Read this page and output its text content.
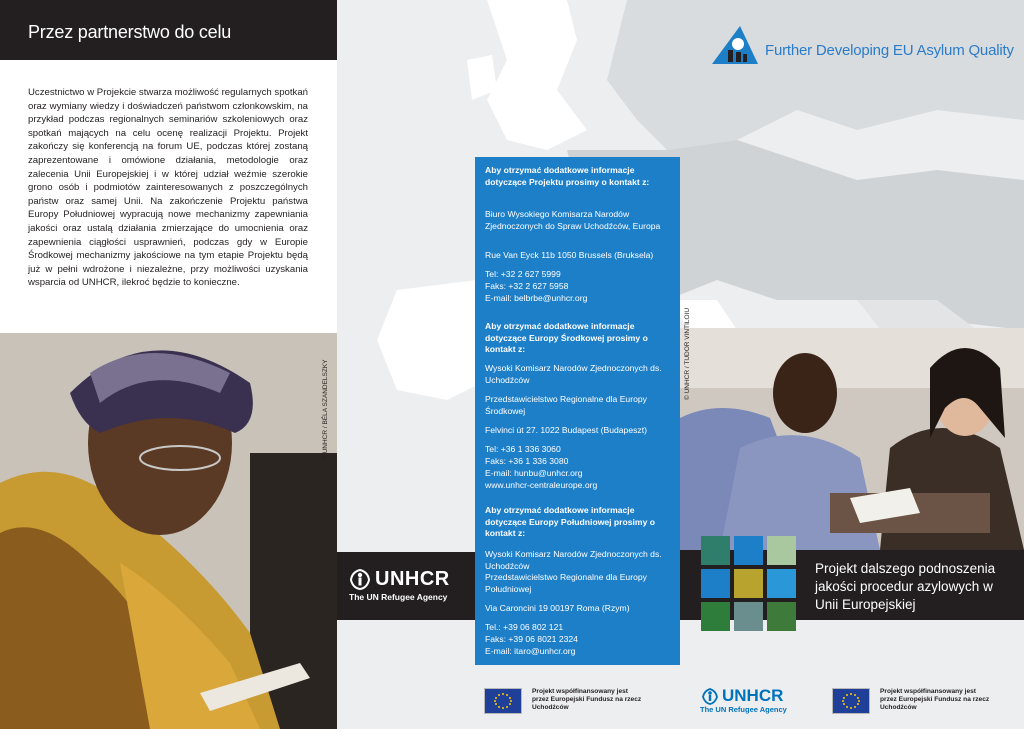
Przez partnerstwo do celu
Uczestnictwo w Projekcie stwarza możliwość regularnych spotkań oraz wymiany wiedzy i doświadczeń państwom członkowskim, na przykład podczas regionalnych seminariów szkoleniowych oraz spotkań mających na celu ocenę realizacji Projektu. Projekt zakończy się konferencją na forum UE, podczas której zostaną zaprezentowane i omówione działania, metodologie oraz zalecenia Unii Europejskiej i w której udział weźmie szerokie grono osób i podmiotów zainteresowanych z poszczególnych państw oraz samej Unii. Na zakończenie Projektu państwa Europy Południowej wypracują nowe mechanizmy zapewniania jakości oraz ustalą działania zmierzające do umocnienia oraz zapewnienia ciągłości usprawnień, podczas gdy w Europie Środkowej mechanizmy jakościowe na tym etapie Projektu będą już w pełni wdrożone i niezależne, przy możliwości uzyskania wsparcia od UNHCR, ilekroć będzie to konieczne.
© UNHCR / BÉLA SZANDELSZKY
Further Developing EU Asylum Quality
Aby otrzymać dodatkowe informacje dotyczące Projektu prosimy o kontakt z:
Biuro Wysokiego Komisarza Narodów Zjednoczonych do Spraw Uchodźców, Europa
Rue Van Eyck 11b 1050 Brussels (Bruksela)
Tel: +32 2 627 5999
Faks: +32 2 627 5958
E-mail: belbrbe@unhcr.org
Aby otrzymać dodatkowe informacje dotyczące Europy Środkowej prosimy o kontakt z:
Wysoki Komisarz Narodów Zjednoczonych ds. Uchodźców
Przedstawicielstwo Regionalne dla Europy Środkowej
Felvinci út 27. 1022 Budapest (Budapeszt)
Tel: +36 1 336 3060
Faks: +36 1 336 3080
E-mail: hunbu@unhcr.org
www.unhcr-centraleurope.org
Aby otrzymać dodatkowe informacje dotyczące Europy Południowej prosimy o kontakt z:
Wysoki Komisarz Narodów Zjednoczonych ds. Uchodźców
Przedstawicielstwo Regionalne dla Europy Południowej
Via Caroncini 19 00197 Roma (Rzym)
Tel.: +39 06 802 121
Faks: +39 06 8021 2324
E-mail: itaro@unhcr.org
© UNHCR / TUDOR VINTILOIU
UNHCR
The UN Refugee Agency
Projekt dalszego podnoszenia jakości procedur azylowych w Unii Europejskiej
Projekt współfinansowany jest przez Europejski Fundusz na rzecz Uchodźców
UNHCR
The UN Refugee Agency
Projekt współfinansowany jest przez Europejski Fundusz na rzecz Uchodźców
